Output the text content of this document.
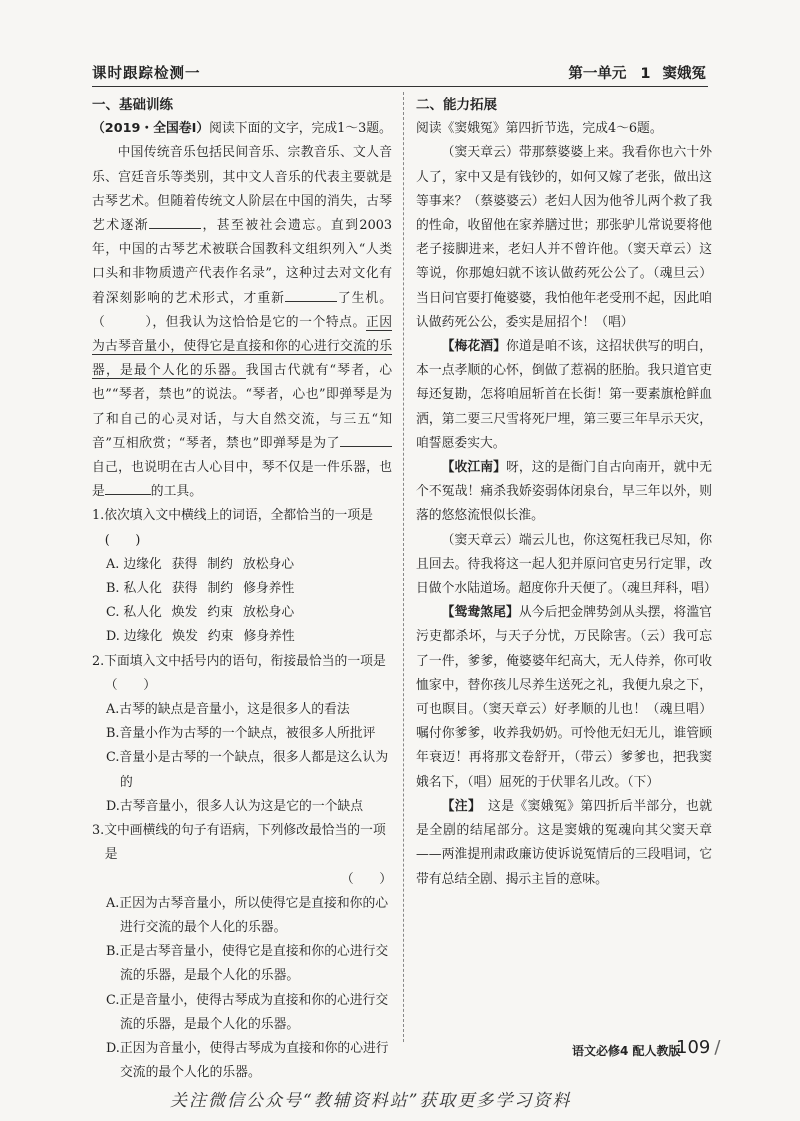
课时跟踪检测一	第一单元 1 窦娥冤
一、基础训练

（2019・全国卷Ⅰ）阅读下面的文字，完成1～3题。

中国传统音乐包括民间音乐、宗教音乐、文人音乐、宫廷音乐等类别，其中文人音乐的代表主要就是古琴艺术。但随着传统文人阶层在中国的消失，古琴艺术逐渐	，甚至被社会遗忘。直到2003年，中国的古琴艺术被联合国教科文组织列入“人类口头和非物质遗产代表作名录”，这种过去对文化有着深刻影响的艺术形式，才重新	了生机。（　　　），但我认为这恰恰是它的一个特点。正因为古琴音量小，使得它是直接和你的心进行交流的乐器，是最个人化的乐器。我国古代就有“琴者，心也”“琴者，禁也”的说法。“琴者，心也”即弹琴是为了和自己的心灵对话，与大自然交流，与三五“知音”互相欣赏；“琴者，禁也”即弹琴是为了自己，也说明在古人心目中，琴不仅是一件乐器，也是	的工具。

1.依次填入文中横线上的词语，全都恰当的一项是(　　)

A. 边缘化 获得 制约 放松身心

B. 私人化 获得 制约 修身养性

C. 私人化 焕发 约束 放松身心

D. 边缘化 焕发 约束 修身养性

2.下面填入文中括号内的语句，衔接最恰当的一项是（　　）

A.古琴的缺点是音量小，这是很多人的看法

B.音量小作为古琴的一个缺点，被很多人所批评

C.音量小是古琴的一个缺点，很多人都是这么认为的

D.古琴音量小，很多人认为这是它的一个缺点

3.文中画横线的句子有语病，下列修改最恰当的一项是

（　　）

A.正因为古琴音量小，所以使得它是直接和你的心进行交流的最个人化的乐器。

B.正是古琴音量小，使得它是直接和你的心进行交流的乐器，是最个人化的乐器。

C.正是音量小，使得古琴成为直接和你的心进行交流的乐器，是最个人化的乐器。

D.正因为音量小，使得古琴成为直接和你的心进行交流的最个人化的乐器。

二、能力拓展

阅读《窦娥冤》第四折节选，完成4～6题。

（窦天章云）带那蔡婆婆上来。我看你也六十外人了，家中又是有钱钞的，如何又嫁了老张，做出这等事来？（蔡婆婆云）老妇人因为他爷儿两个救了我的性命，收留他在家养膳过世；那张驴儿常说要将他老子接脚进来，老妇人并不曾许他。（窦天章云）这等说，你那媳妇就不该认做药死公公了。（魂旦云）当日问官要打俺婆婆，我怕他年老受刑不起，因此咱认做药死公公，委实是屈招个！（唱）

【梅花酒】你道是咱不该，这招状供写的明白，本一点孝顺的心怀，倒做了惹祸的胚胎。我只道官吏每还复勘，怎将咱屈斩首在长街！第一要素旗枪鲜血洒，第二要三尺雪将死尸埋，第三要三年旱示天灾，咱誓愿委实大。

【收江南】呀，这的是衙门自古向南开，就中无个不冤哉！痛杀我娇姿弱体闭泉台，早三年以外，则落的悠悠流恨似长淮。

（窦天章云）端云儿也，你这冤枉我已尽知，你且回去。待我将这一起人犯并原问官吏另行定罪，改日做个水陆道场。超度你升天便了。（魂旦拜科，唱）

【鸳鸯煞尾】从今后把金牌势剑从头摆，将滥官污吏都杀坏，与天子分忧，万民除害。（云）我可忘了一件，爹爹，俺婆婆年纪高大，无人侍养，你可收恤家中，替你孩儿尽养生送死之礼，我便九泉之下，可也瞑目。（窦天章云）好孝顺的儿也！（魂旦唱）嘱付你爹爹，收养我奶奶。可怜他无妇无儿，谁管顾年衰迈！再将那文卷舒开，（带云）爹爹也，把我窦娥名下，（唱）屈死的于伏罪名儿改。（下）

【注】　 这是《窦娥冤》第四折后半部分，也就是全剧的结尾部分。这是窦娥的冤魂向其父窦天章——两淮提刑肃政廉访使诉说冤情后的三段唱词，它带有总结全剧、揭示主旨的意味。

语文必修4 配人教版
109 /
关注微信公众号“教辅资料站”获取更多学习资料
